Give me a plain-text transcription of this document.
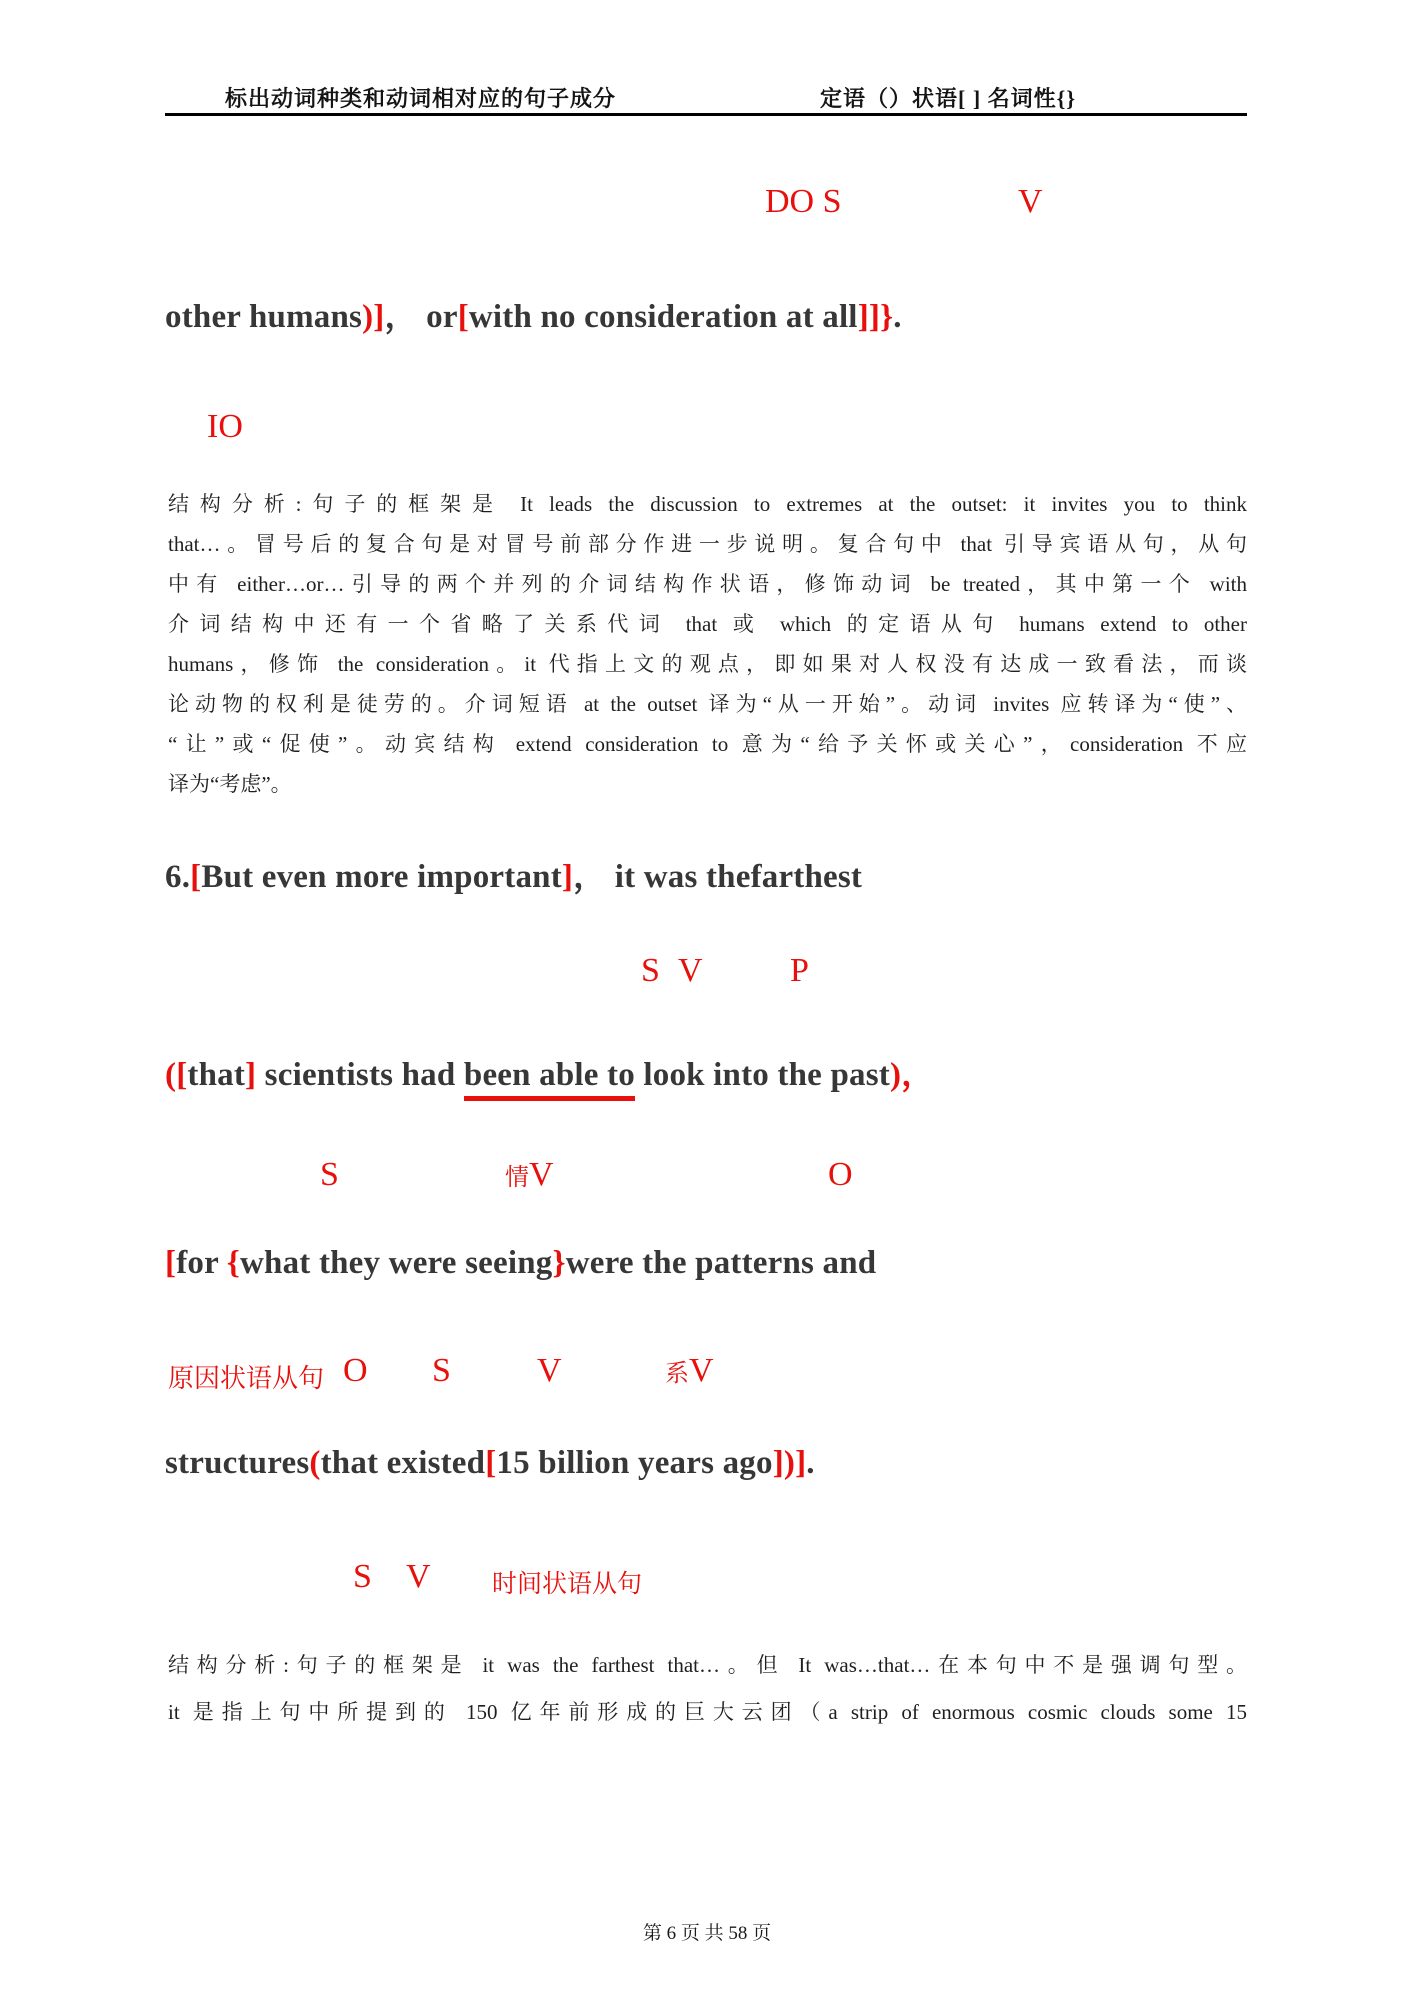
标出动词种类和动词相对应的句子成分	定语（）状语[ ] 名词性{}
DO S	V
other humans)]， or[with no consideration at all]]}.
IO
结构分析:句子的框架是 It leads the discussion to extremes at the outset: it invites you to think
that…。冒号后的复合句是对冒号前部分作进一步说明。复合句中 that 引导宾语从句，从句
中有 either…or…引导的两个并列的介词结构作状语，修饰动词 be treated，其中第一个 with
介词结构中还有一个省略了关系代词 that 或 which 的定语从句 humans extend to other
humans，修饰 the consideration。it 代指上文的观点，即如果对人权没有达成一致看法，而谈
论动物的权利是徒劳的。介词短语 at the outset 译为“从一开始”。动词 invites 应转译为“使”、
“让”或“促使”。动宾结构 extend consideration to 意为“给予关怀或关心”，consideration 不应
译为“考虑”。
6.[But even more important]， it was thefarthest
S V	P
([that] scientists had been able to look into the past)，
S	情V	O
[for {what they were seeing}were the patterns and
原因状语从句 O S	V	系V
structures(that existed[15 billion years ago])].
S V 时间状语从句
结构分析:句子的框架是 it was the farthest that…。但 It was…that…在本句中不是强调句型。
it 是指上句中所提到的 150 亿年前形成的巨大云团（a strip of enormous cosmic clouds some 15
第 6 页 共 58 页
